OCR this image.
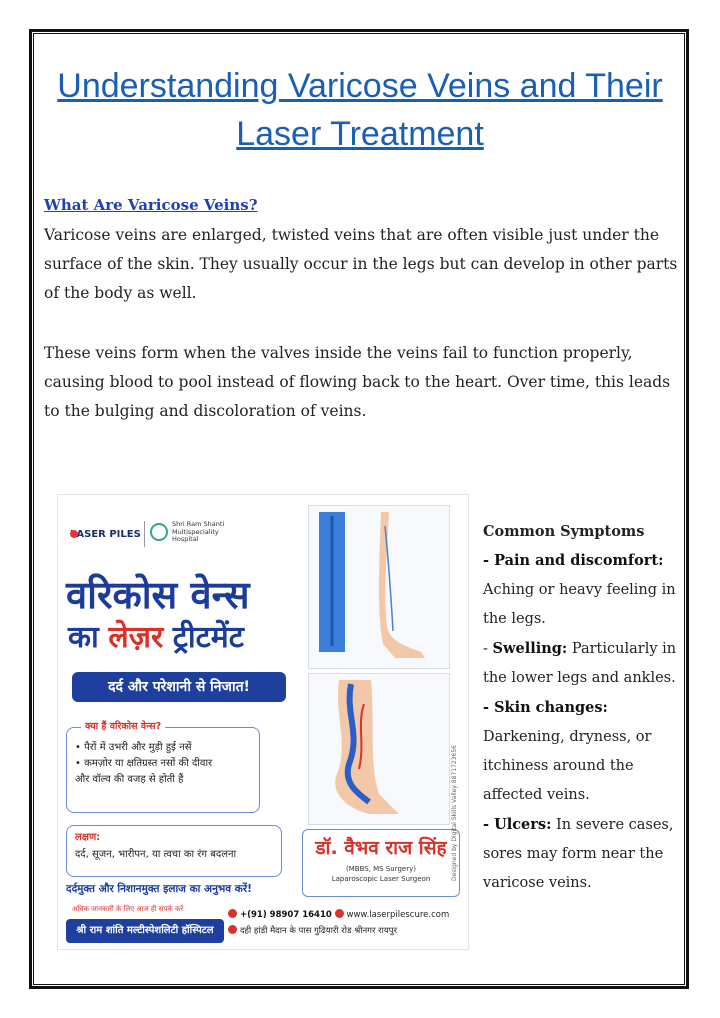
Understanding Varicose Veins and Their Laser Treatment
What Are Varicose Veins?

Varicose veins are enlarged, twisted veins that are often visible just under the surface of the skin. They usually occur in the legs but can develop in other parts of the body as well.

These veins form when the valves inside the veins fail to function properly, causing blood to pool instead of flowing back to the heart. Over time, this leads to the bulging and discoloration of veins.

LASER PILES
Shri Ram Shanti Multispeciality Hospital
वरिकोस वेन्स
का लेज़र ट्रीटमेंट
दर्द और परेशानी से निजात!
क्या हैं वरिकोस वेन्स?
• पैरों में उभरी और मुड़ी हुई नसें
• कमज़ोर या क्षतिग्रस्त नसों की दीवार
और वॉल्व की वजह से होती हैं
लक्षण:
दर्द, सूजन, भारीपन, या त्वचा का रंग बदलना
दर्दमुक्त और निशानमुक्त इलाज का अनुभव करें!
डॉ. वैभव राज सिंह
(MBBS, MS Surgery)
Laparoscopic Laser Surgeon	Designed by Digital Skills Valley 8871723656
अधिक जानकारी के लिए आज ही संपर्क करें
श्री राम शांति मल्टीस्पेशलिटी हॉस्पिटल
+(91) 98907 16410 www.laserpilescure.com
दही हांडी मैदान के पास गुढियारी रोड श्रीनगर रायपुर

Common Symptoms

- Pain and discomfort: Aching or heavy feeling in the legs.

- Swelling: Particularly in the lower legs and ankles.

- Skin changes: Darkening, dryness, or itchiness around the affected veins.

- Ulcers: In severe cases, sores may form near the varicose veins.
